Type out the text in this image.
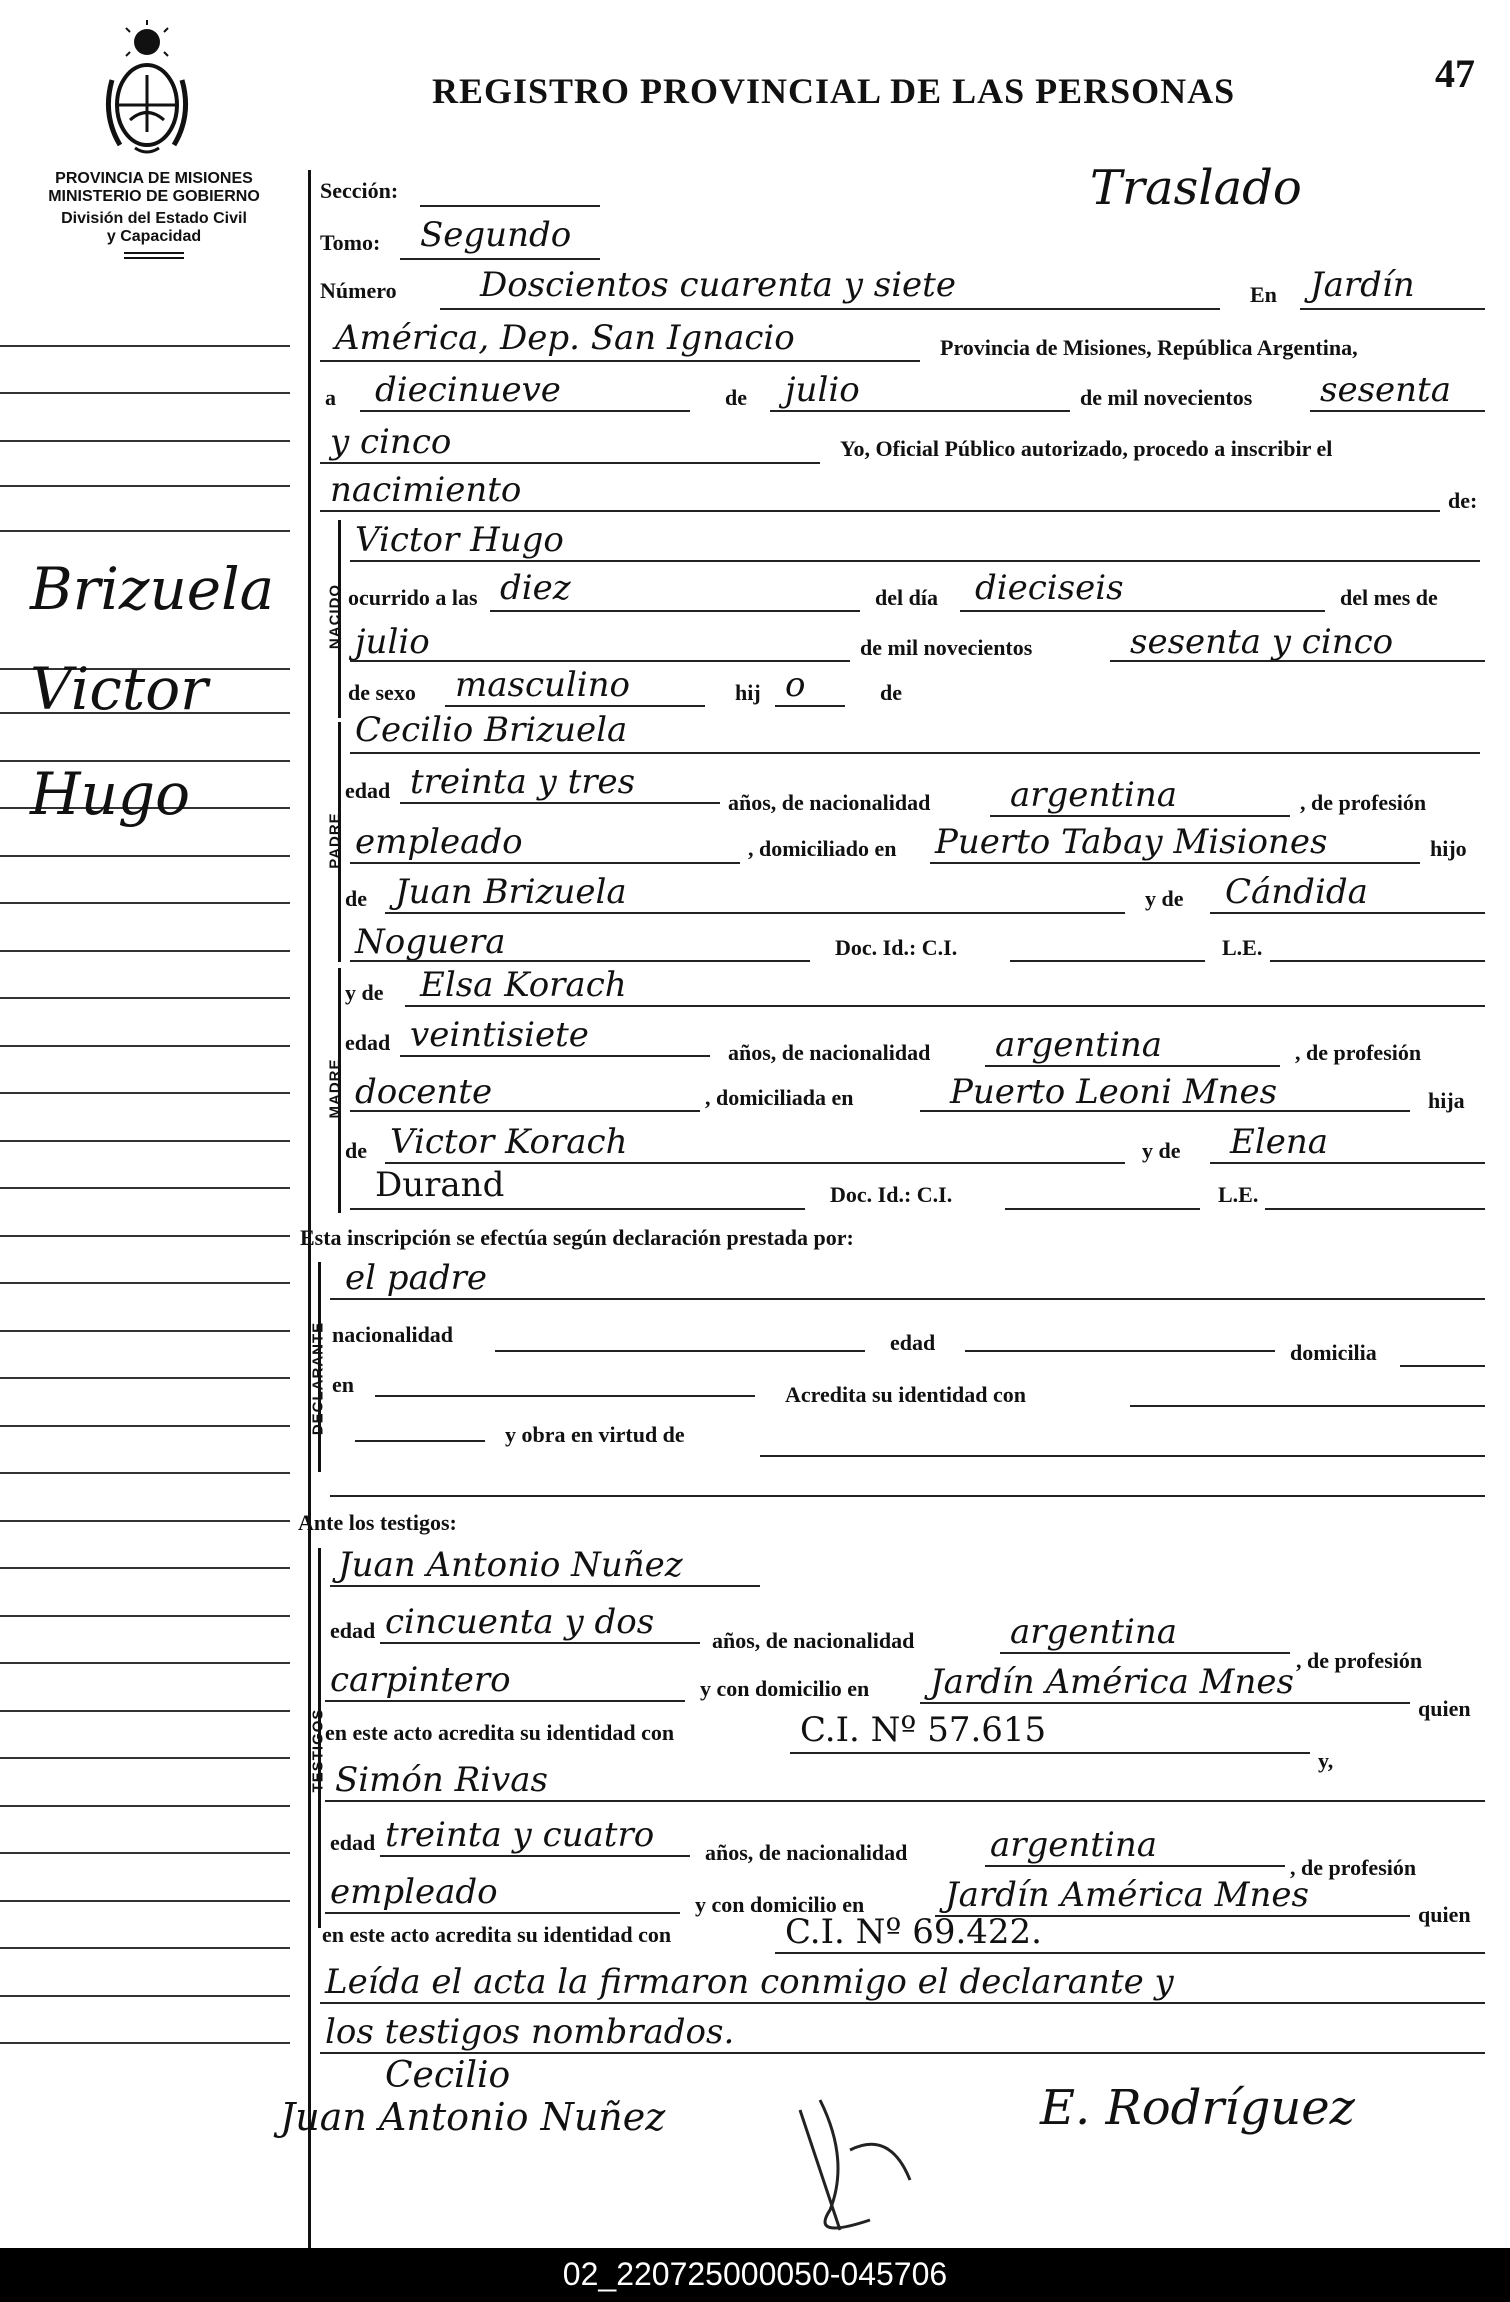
REGISTRO PROVINCIAL DE LAS PERSONAS	47
PROVINCIA DE MISIONES
MINISTERIO DE GOBIERNO
División del Estado Civil
y Capacidad
Brizuela
Victor
Hugo
Sección:	Traslado
Tomo: Segundo
Número Doscientos cuarenta y siete	En Jardín
América, Dep. San Ignacio	Provincia de Misiones, República Argentina,
a diecinueve	de julio	de mil novecientos sesenta
y cinco	Yo, Oficial Público autorizado, procedo a inscribir el
nacimiento	de:
NACIDO
Victor Hugo
ocurrido a las diez	del día dieciseis	del mes de
julio	de mil novecientos	sesenta y cinco
de sexo masculino	hij o	de
PADRE
Cecilio Brizuela
edad treinta y tres
años, de nacionalidad argentina	, de profesión
empleado	, domiciliado en Puerto Tabay Misiones	hijo
de Juan Brizuela	y de Cándida
Noguera	Doc. Id.: C.I.	L.E.
MADRE
y de Elsa Korach
edad veintisiete	años, de nacionalidad argentina	, de profesión
docente	, domiciliada en	Puerto Leoni Mnes	hija
de Victor Korach	y de Elena
Durand	Doc. Id.: C.I.	L.E.
Esta inscripción se efectúa según declaración prestada por:
DECLARANTE
el padre
nacionalidad	edad	domicilia
en	Acredita su identidad con
y obra en virtud de
Ante los testigos:
TESTIGOS
Juan Antonio Nuñez
edad cincuenta y dos	años, de nacionalidad	argentina
, de profesión
carpintero	y con domicilio en Jardín América Mnes
quien
en este acto acredita su identidad con	C.I. Nº 57.615
y,
Simón Rivas
edad treinta y cuatro años, de nacionalidad argentina
, de profesión
empleado	y con domicilio en Jardín América Mnes	quien
en este acto acredita su identidad con	C.I. Nº 69.422.
Leída el acta la firmaron conmigo el declarante y
los testigos nombrados.
Cecilio
Juan Antonio Nuñez	E. Rodríguez
02_220725000050-045706
